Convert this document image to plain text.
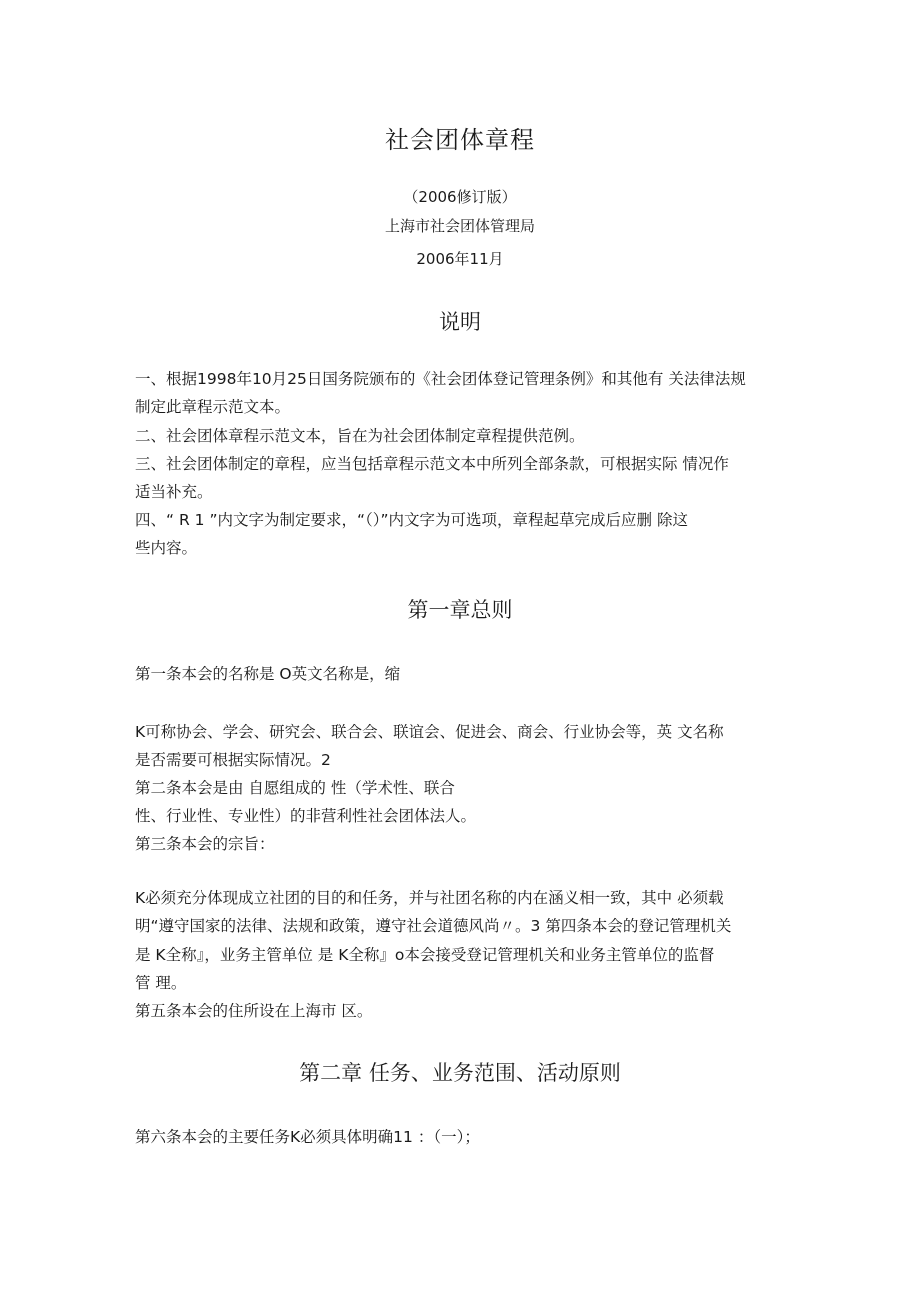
社会团体章程
（2006修订版）
上海市社会团体管理局
2006年11月
说明
一、根据1998年10月25日国务院颁布的《社会团体登记管理条例》和其他有 关法律法规
制定此章程示范文本。
二、社会团体章程示范文本，旨在为社会团体制定章程提供范例。
三、社会团体制定的章程，应当包括章程示范文本中所列全部条款，可根据实际 情况作
适当补充。
四、“ R 1 ”内文字为制定要求，“（）”内文字为可选项，章程起草完成后应删 除这
些内容。
第一章总则
第一条本会的名称是 O英文名称是，缩
K可称协会、学会、研究会、联合会、联谊会、促进会、商会、行业协会等，英 文名称
是否需要可根据实际情况。2
第二条本会是由 自愿组成的 性（学术性、联合
性、行业性、专业性）的非营利性社会团体法人。
第三条本会的宗旨：
K必须充分体现成立社团的目的和任务，并与社团名称的内在涵义相一致，其中 必须载
明“遵守国家的法律、法规和政策，遵守社会道德风尚〃。3 第四条本会的登记管理机关
是 K全称』，业务主管单位 是 K全称』o本会接受登记管理机关和业务主管单位的监督
管 理。
第五条本会的住所设在上海市 区。
第二章 任务、业务范围、活动原则
第六条本会的主要任务K必须具体明确11 ：（一）；
